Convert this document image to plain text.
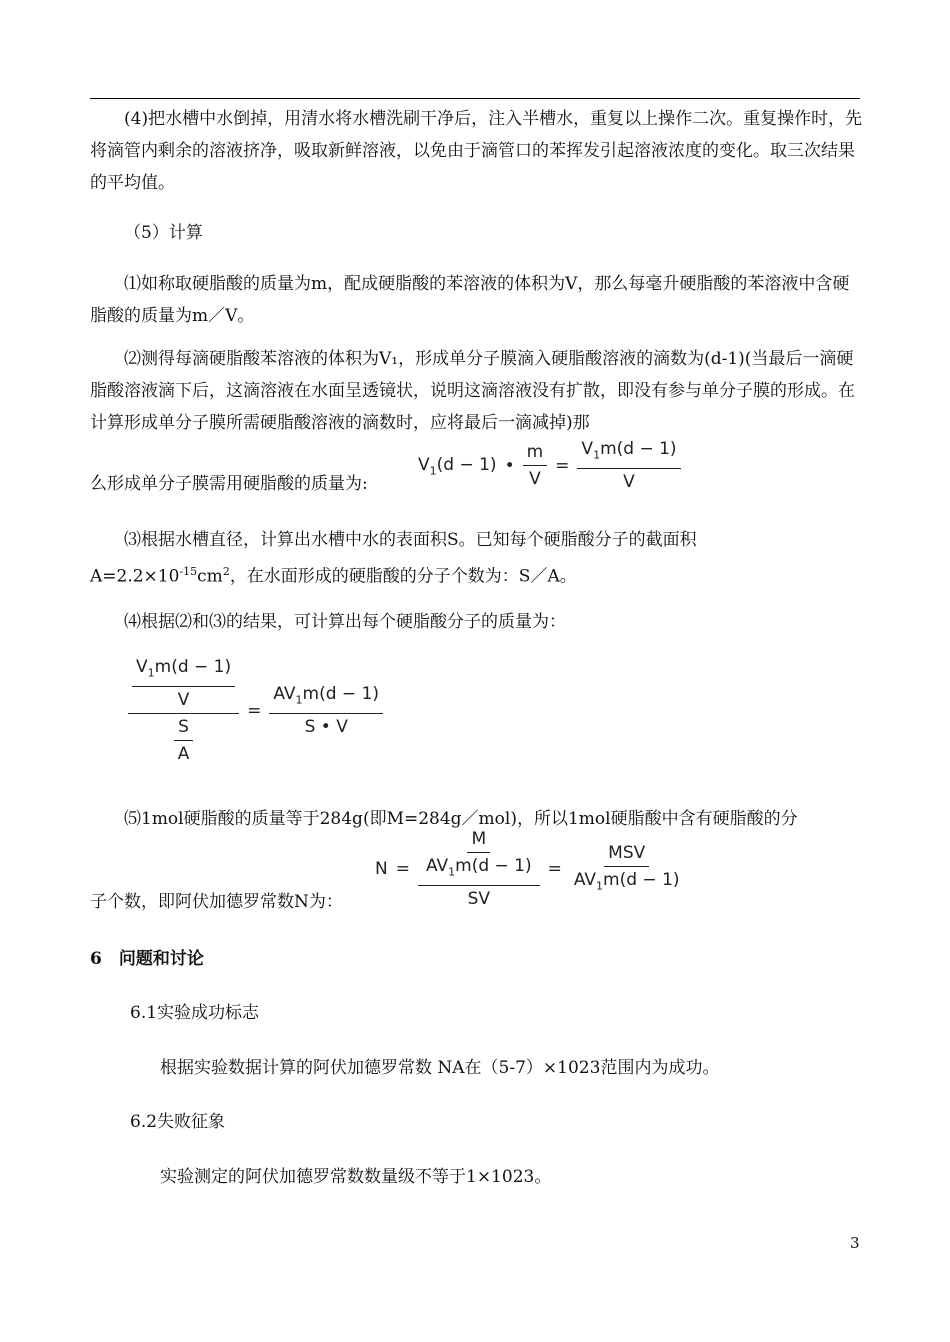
(4)把水槽中水倒掉，用清水将水槽洗刷干净后，注入半槽水，重复以上操作二次。重复操作时，先将滴管内剩余的溶液挤净，吸取新鲜溶液，以免由于滴管口的苯挥发引起溶液浓度的变化。取三次结果的平均值。

（5）计算

⑴如称取硬脂酸的质量为m，配成硬脂酸的苯溶液的体积为V，那么每毫升硬脂酸的苯溶液中含硬脂酸的质量为m／V。

⑵测得每滴硬脂酸苯溶液的体积为V₁，形成单分子膜滴入硬脂酸溶液的滴数为(d-1)(当最后一滴硬脂酸溶液滴下后，这滴溶液在水面呈透镜状，说明这滴溶液没有扩散，即没有参与单分子膜的形成。在计算形成单分子膜所需硬脂酸溶液的滴数时，应将最后一滴减掉)那

么形成单分子膜需用硬脂酸的质量为:

$V_1(d - 1)$ • $\frac{m}{V} = \frac{V_1m(d - 1)}{V}$

⑶根据水槽直径，计算出水槽中水的表面积S。已知每个硬脂酸分子的截面积

$A=2.2\times 10^{-15}cm^2$，在水面形成的硬脂酸的分子个数为：S／A。

⑷根据⑵和⑶的结果，可计算出每个硬脂酸分子的质量为：

$\frac{\frac{V_1m(d - 1)}{V}}{\frac{S}{A}} = \frac{AV_1m(d - 1)}{S • V}$

⑸1mol硬脂酸的质量等于284g(即M=284g／mol)，所以1mol硬脂酸中含有硬脂酸的分

$N = \frac{\frac{M}{AV_1m(d - 1)}}{SV} = \frac{\text{MSV}}{AV_1m(d - 1)}$

子个数，即阿伏加德罗常数N为：

6　问题和讨论

6.1实验成功标志

根据实验数据计算的阿伏加德罗常数 NA在（5-7）×1023范围内为成功。

6.2失败征象

实验测定的阿伏加德罗常数数量级不等于1×1023。

3
